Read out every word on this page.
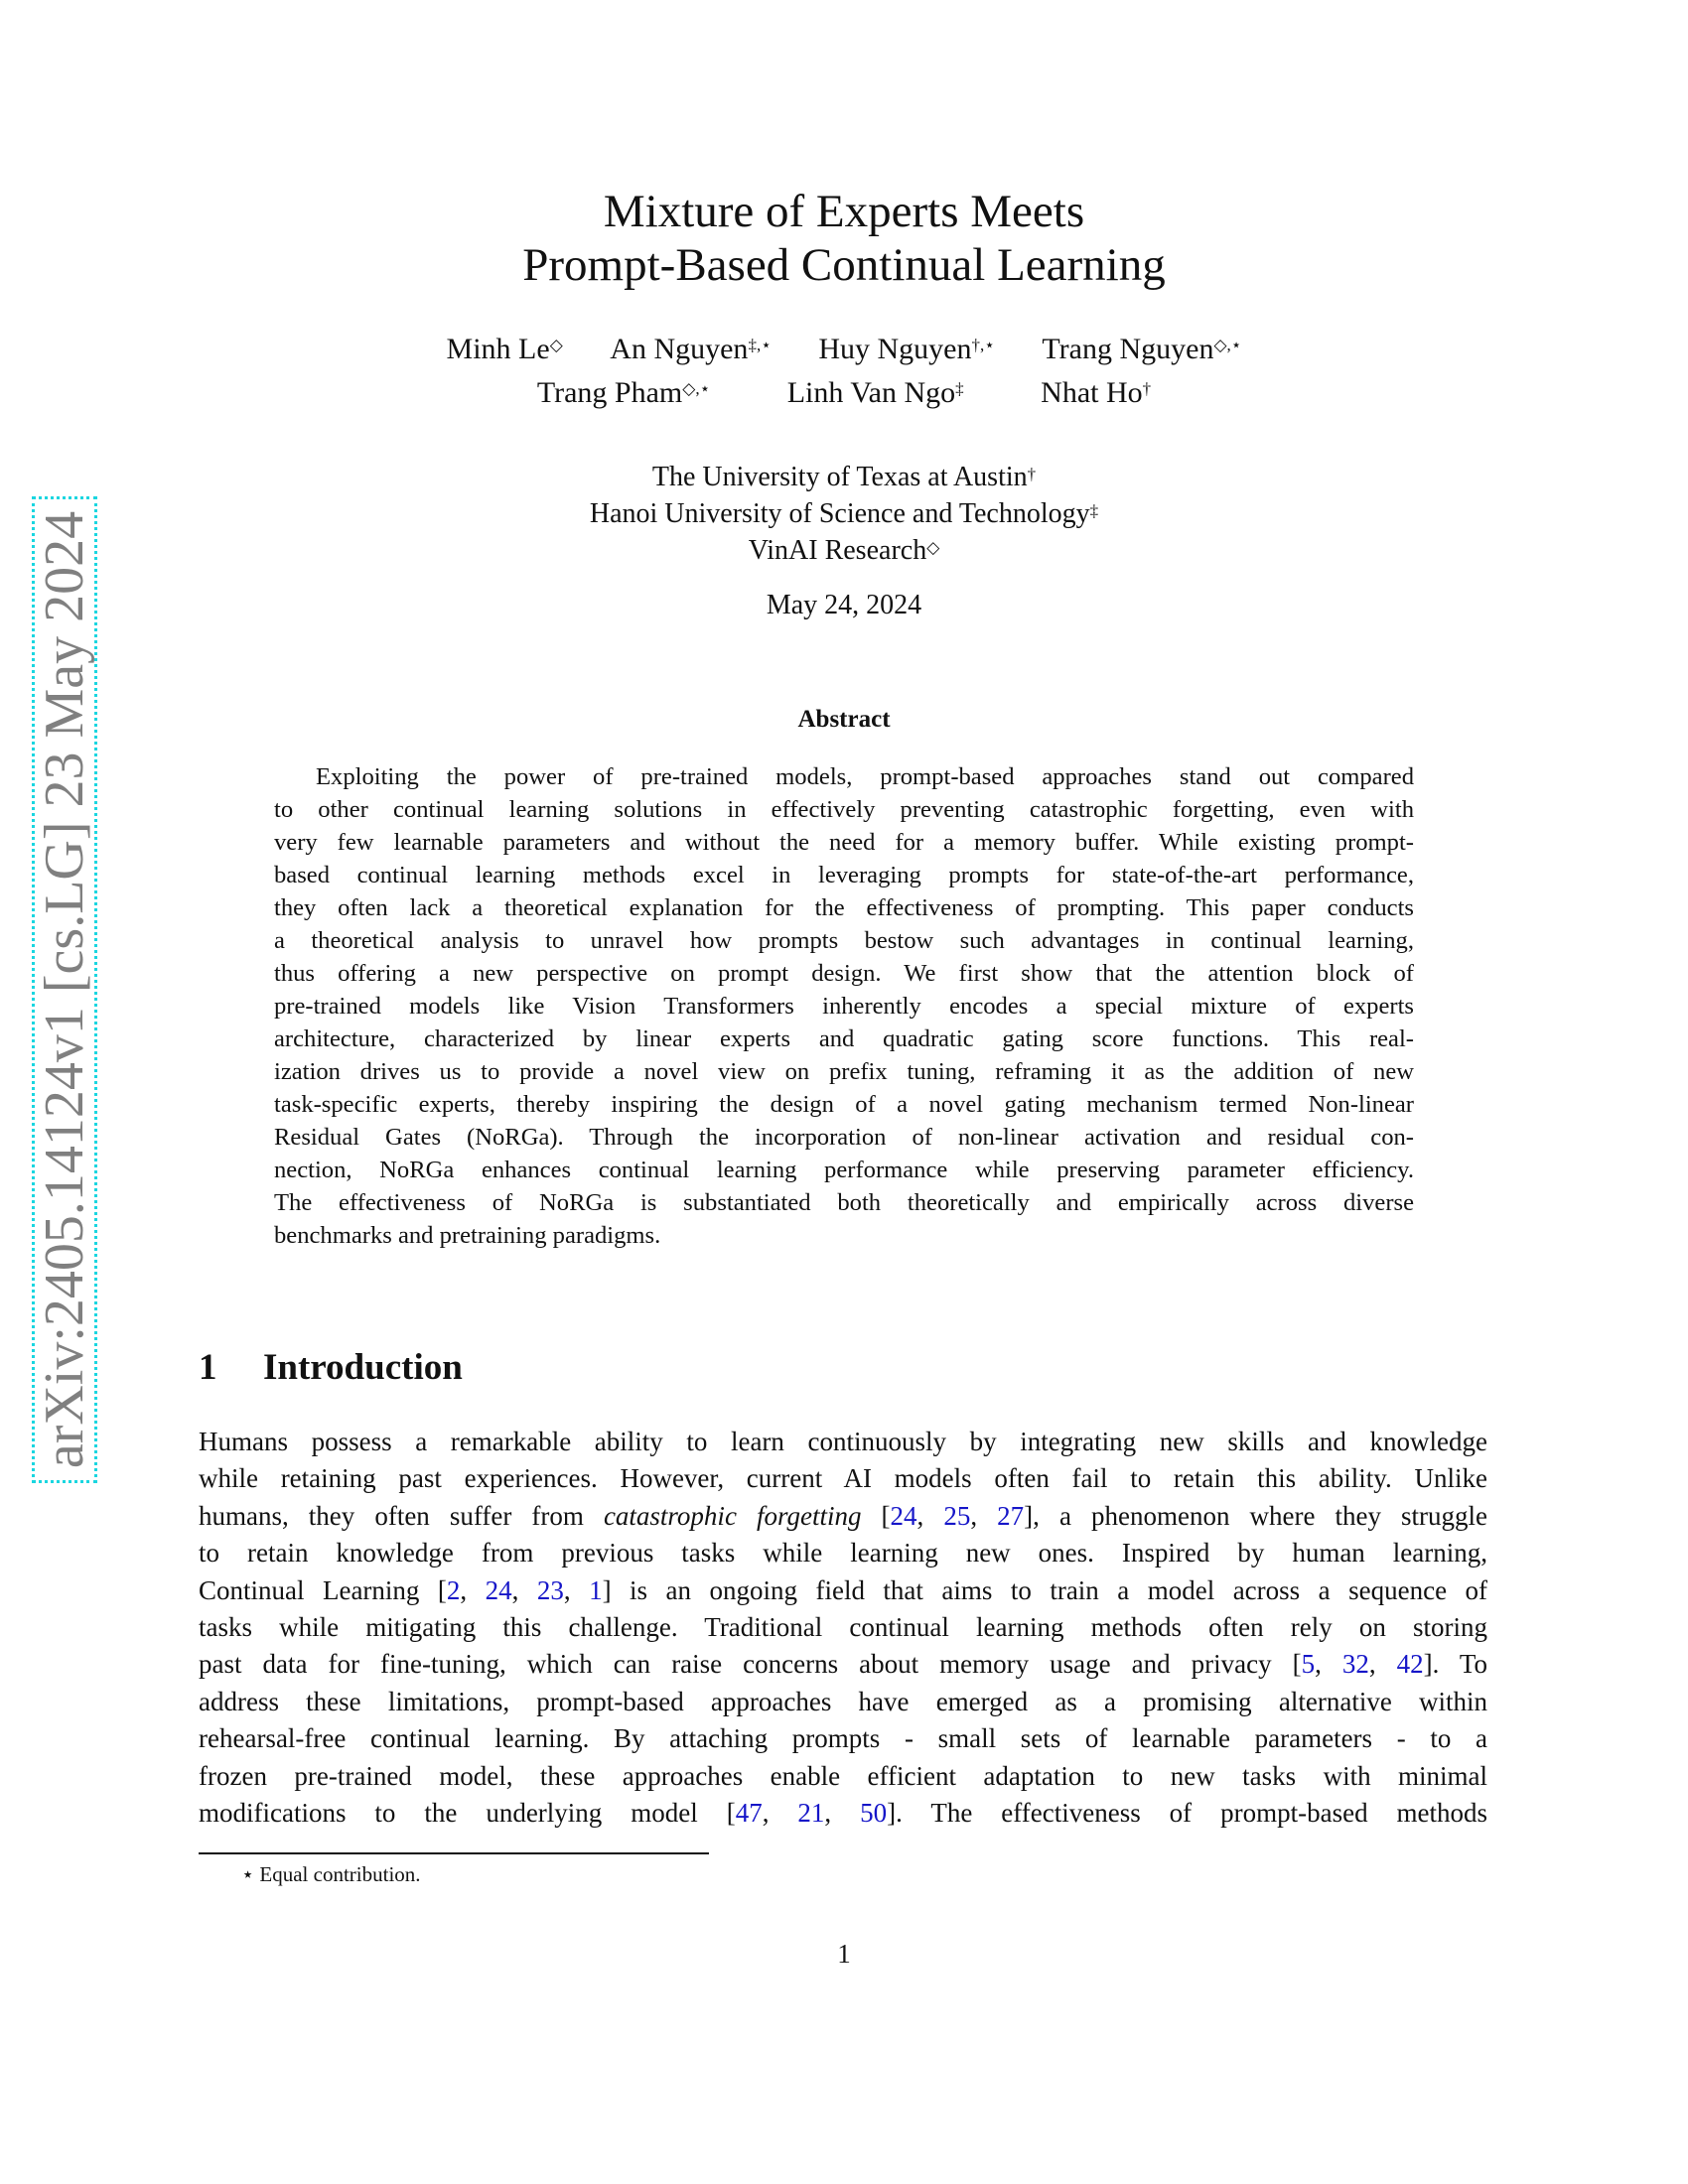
arXiv:2405.14124v1 [cs.LG] 23 May 2024
Mixture of Experts Meets
Prompt-Based Continual Learning
Minh Le◇ An Nguyen‡,⋆ Huy Nguyen†,⋆ Trang Nguyen◇,⋆
Trang Pham◇,⋆	Linh Van Ngo‡	Nhat Ho†
The University of Texas at Austin†
Hanoi University of Science and Technology‡
VinAI Research◇
May 24, 2024
Abstract
Exploiting the power of pre-trained models, prompt-based approaches stand out compared
to other continual learning solutions in effectively preventing catastrophic forgetting, even with
very few learnable parameters and without the need for a memory buffer. While existing prompt-
based continual learning methods excel in leveraging prompts for state-of-the-art performance,
they often lack a theoretical explanation for the effectiveness of prompting. This paper conducts
a theoretical analysis to unravel how prompts bestow such advantages in continual learning,
thus offering a new perspective on prompt design. We first show that the attention block of
pre-trained models like Vision Transformers inherently encodes a special mixture of experts
architecture, characterized by linear experts and quadratic gating score functions. This real-
ization drives us to provide a novel view on prefix tuning, reframing it as the addition of new
task-specific experts, thereby inspiring the design of a novel gating mechanism termed Non-linear
Residual Gates (NoRGa). Through the incorporation of non-linear activation and residual con-
nection, NoRGa enhances continual learning performance while preserving parameter efficiency.
The effectiveness of NoRGa is substantiated both theoretically and empirically across diverse
benchmarks and pretraining paradigms.
1 Introduction
Humans possess a remarkable ability to learn continuously by integrating new skills and knowledge
while retaining past experiences. However, current AI models often fail to retain this ability. Unlike
humans, they often suffer from catastrophic forgetting [24, 25, 27], a phenomenon where they struggle
to retain knowledge from previous tasks while learning new ones. Inspired by human learning,
Continual Learning [2, 24, 23, 1] is an ongoing field that aims to train a model across a sequence of
tasks while mitigating this challenge. Traditional continual learning methods often rely on storing
past data for fine-tuning, which can raise concerns about memory usage and privacy [5, 32, 42]. To
address these limitations, prompt-based approaches have emerged as a promising alternative within
rehearsal-free continual learning. By attaching prompts - small sets of learnable parameters - to a
frozen pre-trained model, these approaches enable efficient adaptation to new tasks with minimal
modifications to the underlying model [47, 21, 50]. The effectiveness of prompt-based methods
⋆ Equal contribution.
1
